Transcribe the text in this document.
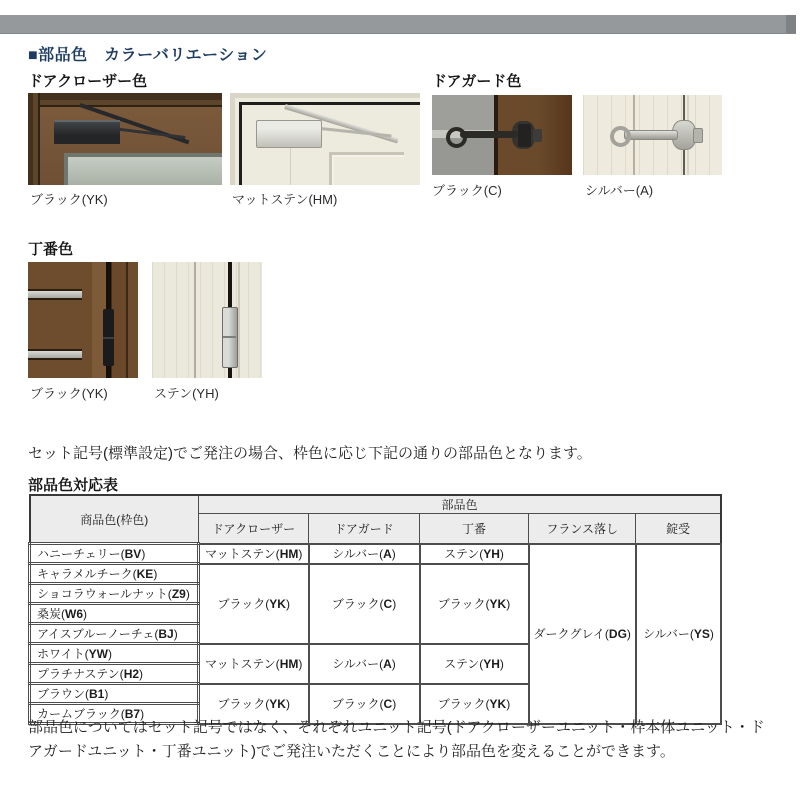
■部品色　カラーバリエーション
ドアクローザー色
ブラック(YK)	マットステン(HM)
ドアガード色
ブラック(C)	シルバー(A)
丁番色
ブラック(YK)	ステン(YH)

セット記号(標準設定)でご発注の場合、枠色に応じ下記の通りの部品色となります。

部品色対応表
商品色(枠色)	部品色				
	ドアクローザー	ドアガード	丁番	フランス落し	錠受
ハニーチェリー(BV)	マットステン(HM)	シルバー(A)	ステン(YH)	ダークグレイ(DG)	シルバー(YS)
キャラメルチーク(KE)	ブラック(YK)	ブラック(C)	ブラック(YK)		
ショコラウォールナット(Z9)					
桑炭(W6)					
アイスブルーノーチェ(BJ)					
ホワイト(YW)	マットステン(HM)	シルバー(A)	ステン(YH)		
プラチナステン(H2)					
ブラウン(B1)	ブラック(YK)	ブラック(C)	ブラック(YK)		
カームブラック(B7)					

部品色についてはセット記号ではなく、それぞれユニット記号(ドアクローザーユニット・枠本体ユニット・ドアガードユニット・丁番ユニット)でご発注いただくことにより部品色を変えることができます。
